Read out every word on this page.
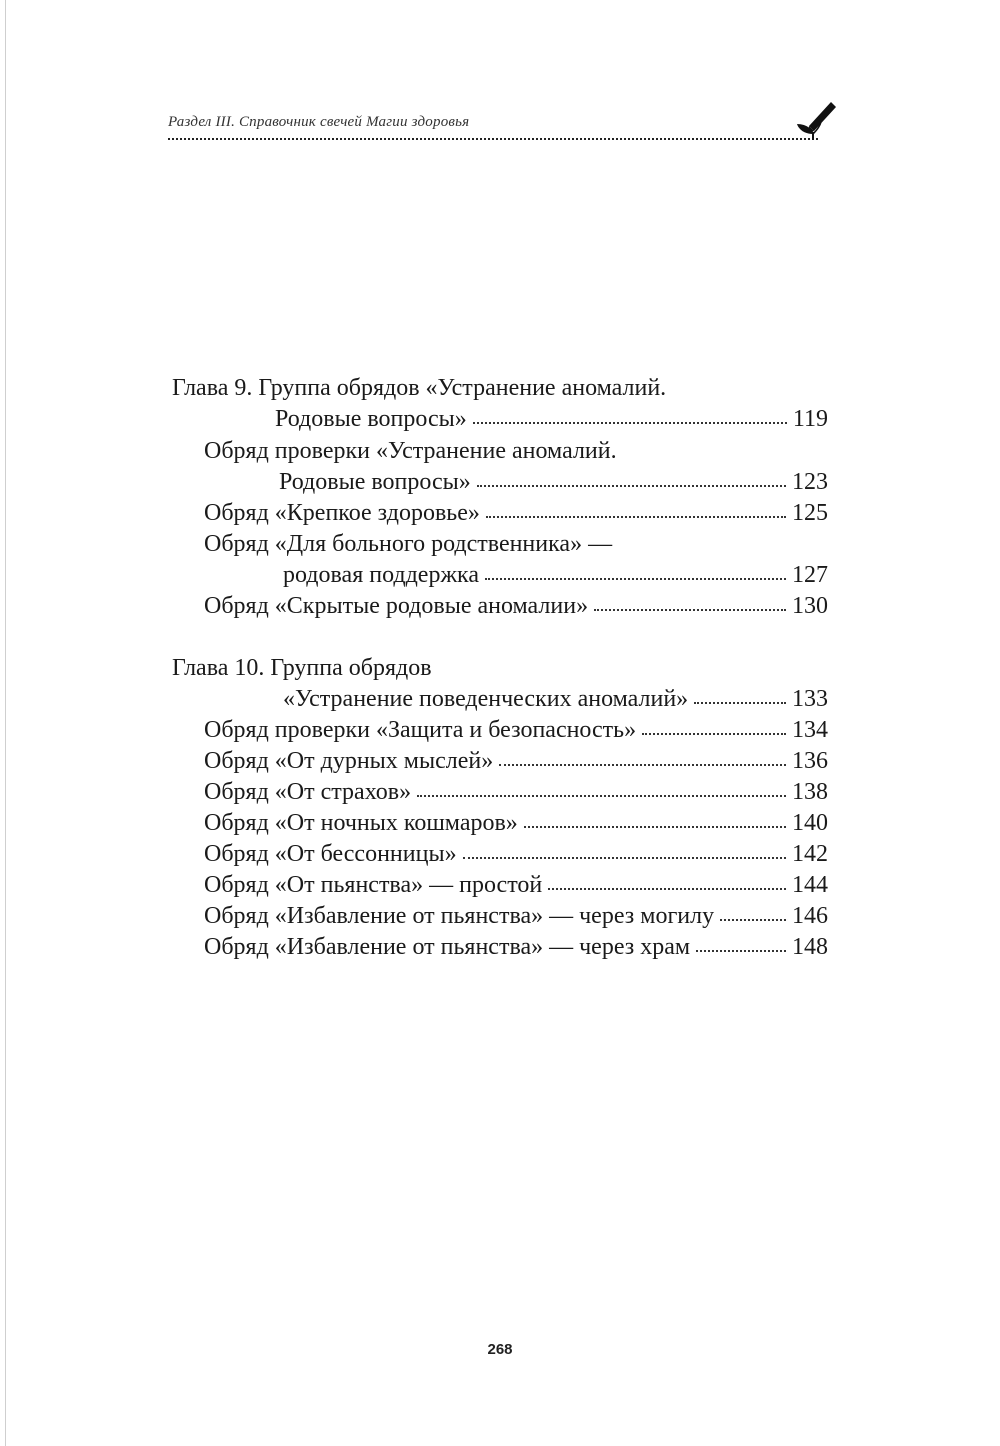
Раздел III. Справочник свечей Магии здоровья
Глава 9. Группа обрядов «Устранение аномалий.
Родовые вопросы»	119
Обряд проверки «Устранение аномалий.
Родовые вопросы»	123
Обряд «Крепкое здоровье»	125
Обряд «Для больного родственника» —
родовая поддержка	127
Обряд «Скрытые родовые аномалии»	130
Глава 10. Группа обрядов
«Устранение поведенческих аномалий»	133
Обряд проверки «Защита и безопасность»	134
Обряд «От дурных мыслей»	136
Обряд «От страхов»	138
Обряд «От ночных кошмаров»	140
Обряд «От бессонницы»	142
Обряд «От пьянства» — простой	144
Обряд «Избавление от пьянства» — через могилу	146
Обряд «Избавление от пьянства» — через храм	148
268
